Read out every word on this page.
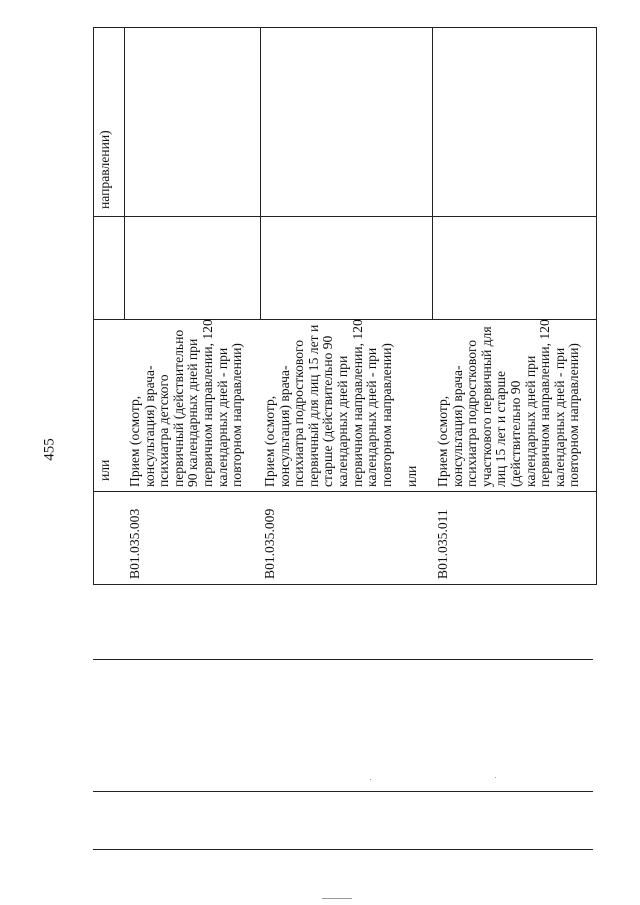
455
или
направлении)
B01.035.003
Прием (осмотр, консультация) врача- психиатра детского первичный (действительно 90 календарных дней при первичном направлении, 120 календарных дней - при повторном направлении)
B01.035.009
Прием (осмотр, консультация) врача- психиатра подросткового первичный для лиц 15 лет и старше (действительно 90 календарных дней при первичном направлении, 120 календарных дней - при повторном направлении) или
B01.035.011
Прием (осмотр, консультация) врача- психиатра подросткового участкового первичный для лиц 15 лет и старше (действительно 90 календарных дней при первичном направлении, 120 календарных дней - при повторном направлении)
